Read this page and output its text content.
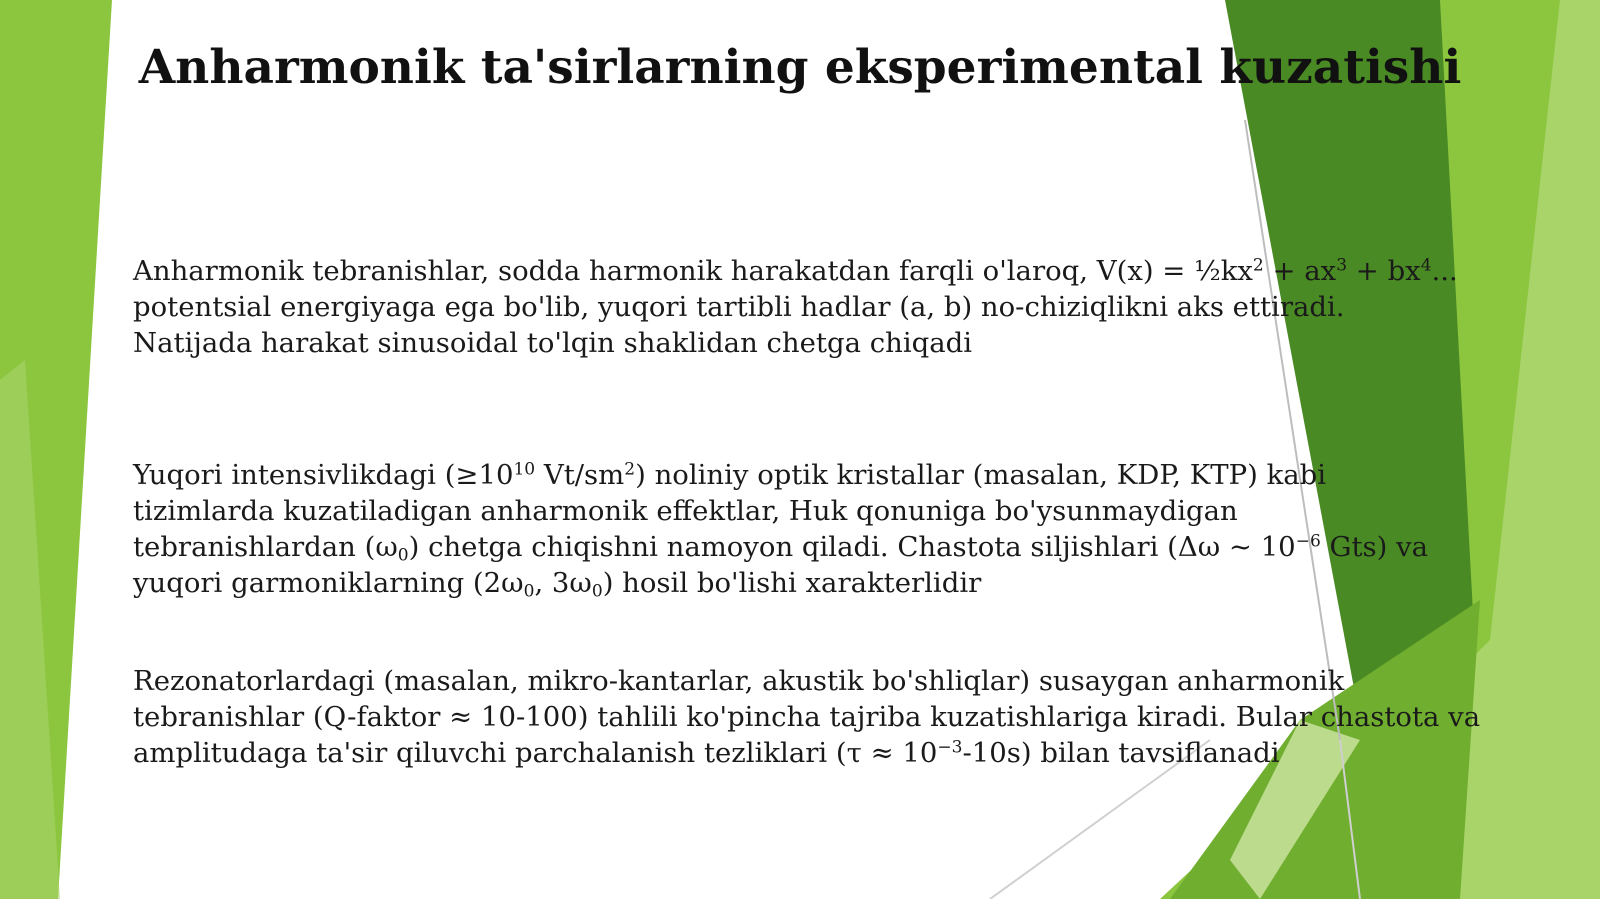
Anharmonik ta'sirlarning eksperimental kuzatishi
Anharmonik tebranishlar, sodda harmonik harakatdan farqli o'laroq, $V(x) = \frac{1}{2}kx^2 + ax^3 + bx^4$...
potentsial energiyaga ega bo'lib, yuqori tartibli hadlar (a, b) no-chiziqlikni aks ettiradi.
Natijada harakat sinusoidal to'lqin shaklidan chetga chiqadi
Yuqori intensivlikdagi ($\ge 10^{10}$ $Vt/sm^2$) noliniy optik kristallar (masalan, KDP, KTP) kabi
tizimlarda kuzatiladigan anharmonik effektlar, Huk qonuniga bo'ysunmaydigan
tebranishlardan $(\omega_0)$ chetga chiqishni namoyon qiladi. Chastota siljishlari (Δω ~ $10^{-6}$ Gts) va
yuqori garmoniklarning ($2\omega_0$, $3\omega_0$) hosil bo'lishi xarakterlidir
Rezonatorlardagi (masalan, mikro-kantarlar, akustik bo'shliqlar) susaygan anharmonik
tebranishlar (Q-faktor ≈ 10-100) tahlili ko'pincha tajriba kuzatishlariga kiradi. Bular chastota va
amplitudaga ta'sir qiluvchi parchalanish tezliklari $(\tau \approx 10^{-3}-10s)$ bilan tavsiflanadi
